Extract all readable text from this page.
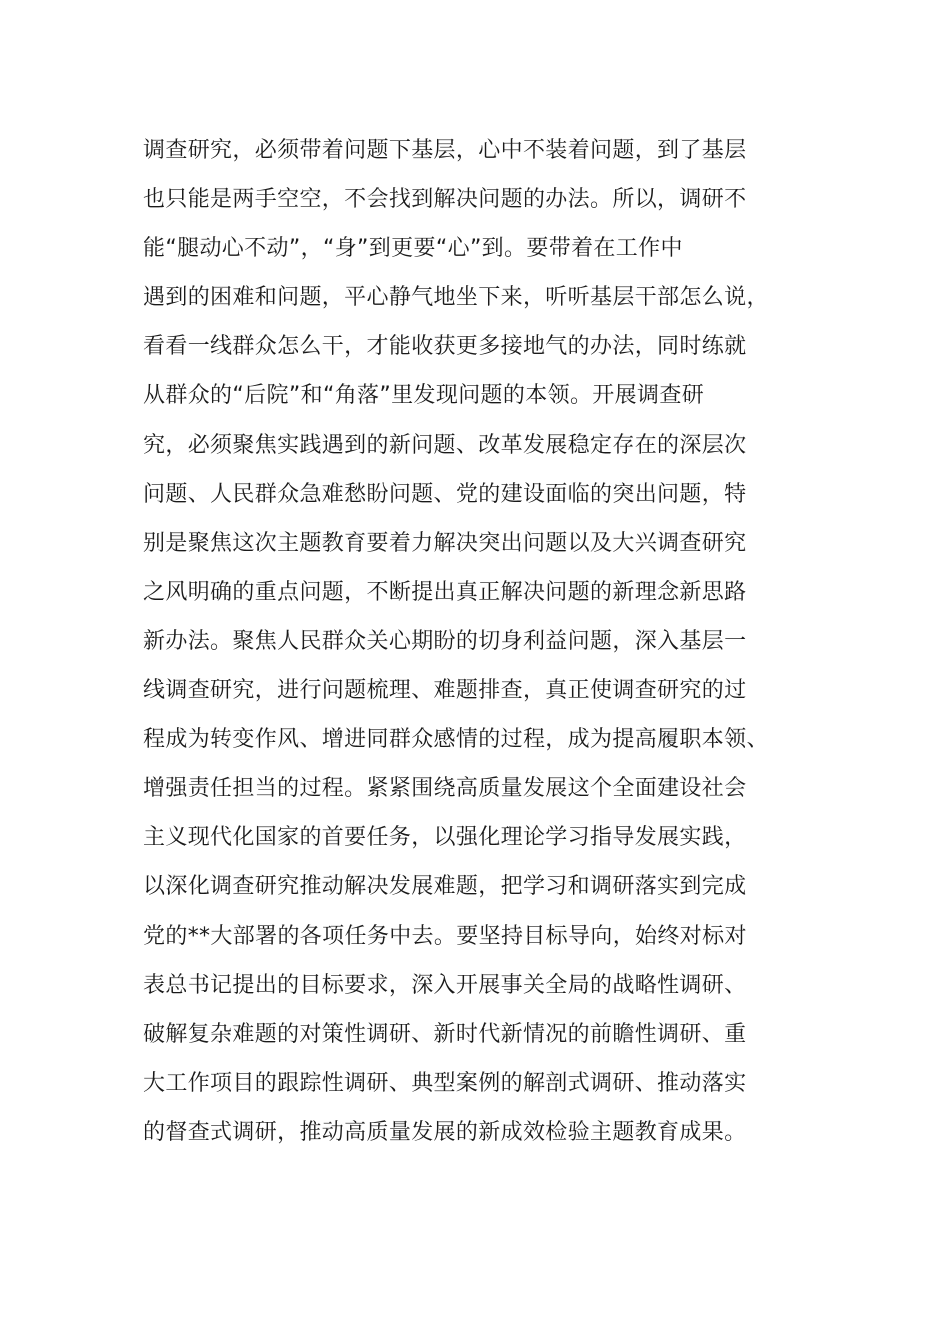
调查研究，必须带着问题下基层，心中不装着问题，到了基层
也只能是两手空空，不会找到解决问题的办法。所以，调研不
能“腿动心不动”，“身”到更要“心”到。要带着在工作中
遇到的困难和问题，平心静气地坐下来，听听基层干部怎么说，
看看一线群众怎么干，才能收获更多接地气的办法，同时练就
从群众的“后院”和“角落”里发现问题的本领。开展调查研
究，必须聚焦实践遇到的新问题、改革发展稳定存在的深层次
问题、人民群众急难愁盼问题、党的建设面临的突出问题，特
别是聚焦这次主题教育要着力解决突出问题以及大兴调查研究
之风明确的重点问题，不断提出真正解决问题的新理念新思路
新办法。聚焦人民群众关心期盼的切身利益问题，深入基层一
线调查研究，进行问题梳理、难题排查，真正使调查研究的过
程成为转变作风、增进同群众感情的过程，成为提高履职本领、
增强责任担当的过程。紧紧围绕高质量发展这个全面建设社会
主义现代化国家的首要任务，以强化理论学习指导发展实践，
以深化调查研究推动解决发展难题，把学习和调研落实到完成
党的**大部署的各项任务中去。要坚持目标导向，始终对标对
表总书记提出的目标要求，深入开展事关全局的战略性调研、
破解复杂难题的对策性调研、新时代新情况的前瞻性调研、重
大工作项目的跟踪性调研、典型案例的解剖式调研、推动落实
的督查式调研，推动高质量发展的新成效检验主题教育成果。
